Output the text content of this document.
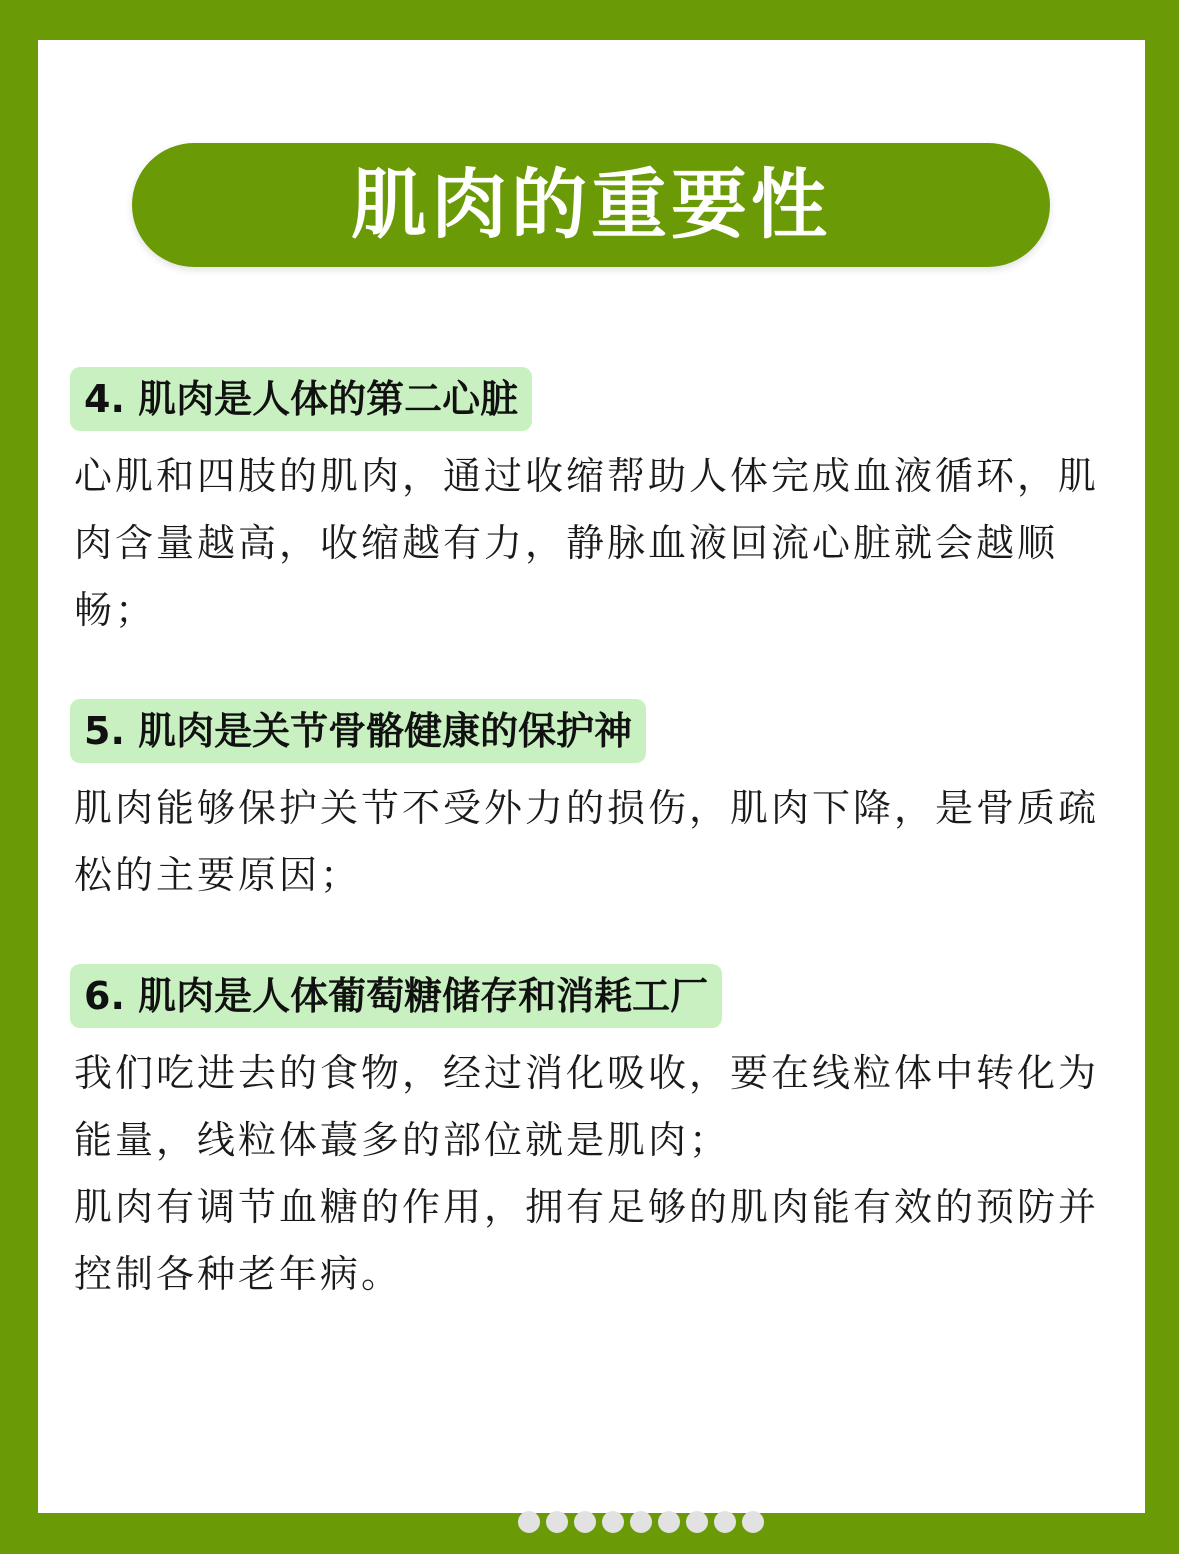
肌肉的重要性
4. 肌肉是人体的第二心脏

心肌和四肢的肌肉，通过收缩帮助人体完成血液循环，肌肉含量越高，收缩越有力，静脉血液回流心脏就会越顺畅；

5. 肌肉是关节骨骼健康的保护神

肌肉能够保护关节不受外力的损伤，肌肉下降，是骨质疏松的主要原因；

6. 肌肉是人体葡萄糖储存和消耗工厂

我们吃进去的食物，经过消化吸收，要在线粒体中转化为能量，线粒体蕞多的部位就是肌肉；

肌肉有调节血糖的作用，拥有足够的肌肉能有效的预防并控制各种老年病。
